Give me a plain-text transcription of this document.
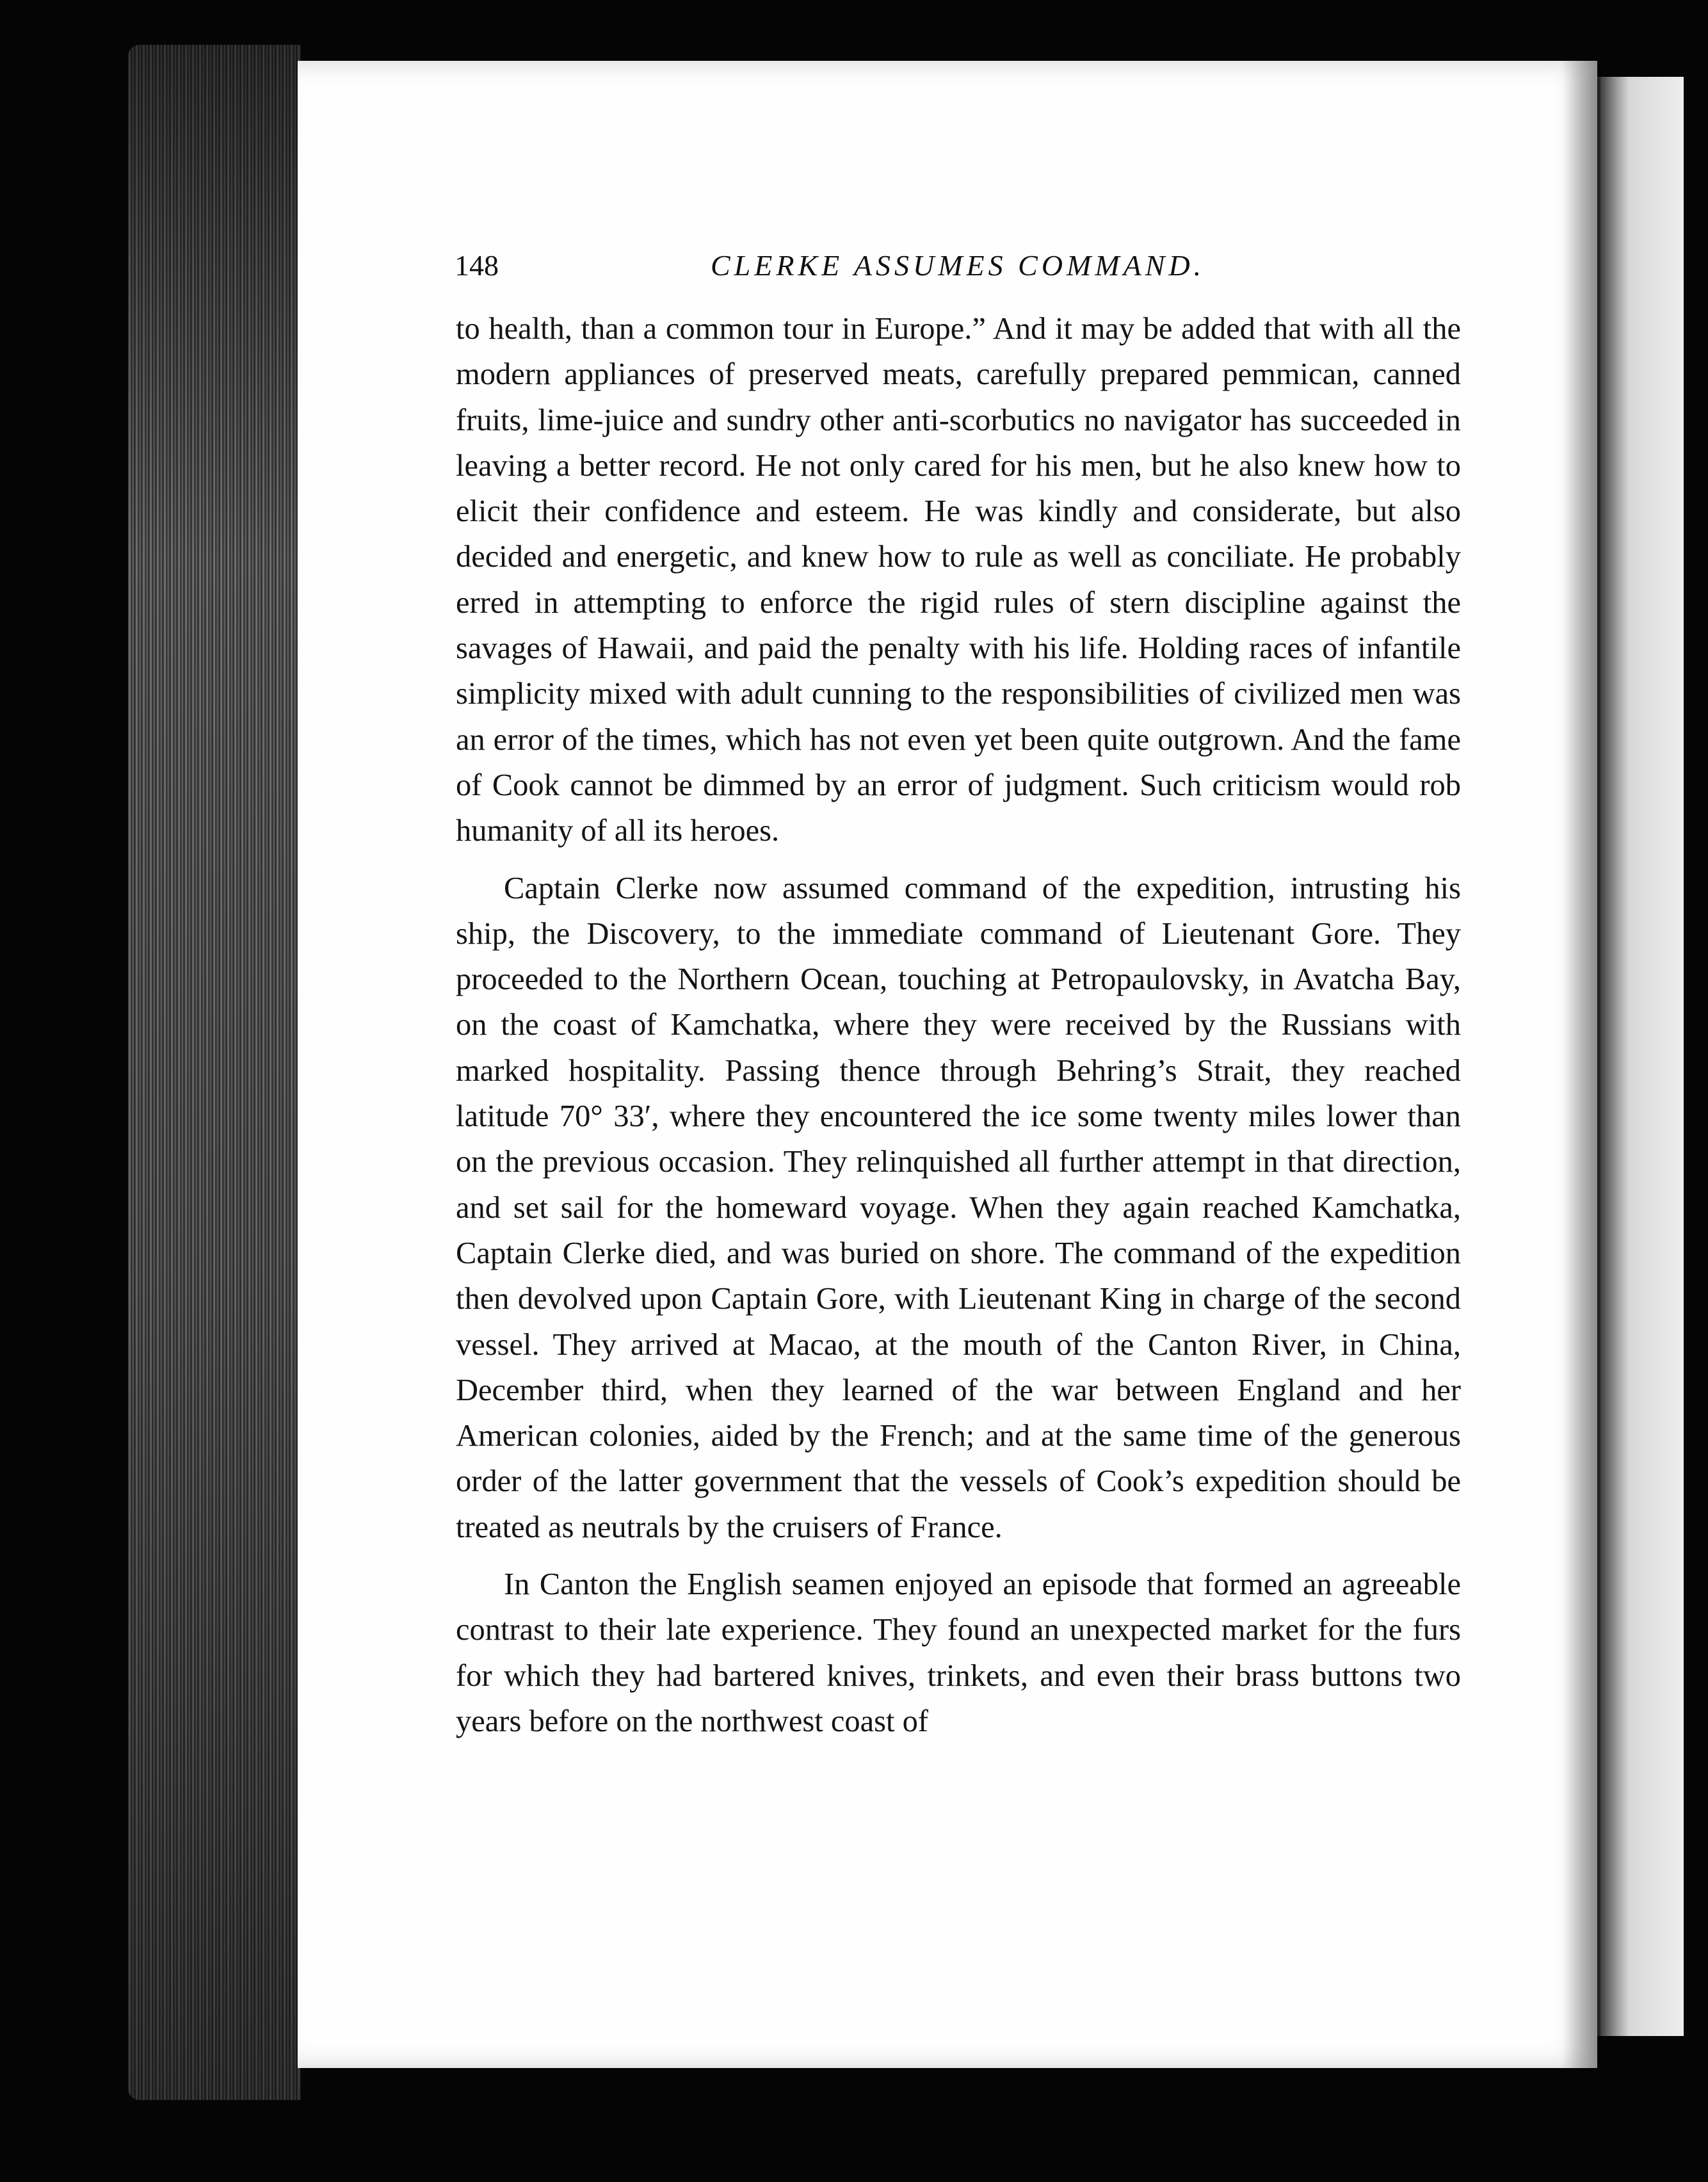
148	CLERKE ASSUMES COMMAND.

to health, than a common tour in Europe.” And it may be added that with all the modern appliances of preserved meats, carefully prepared pemmican, canned fruits, lime-juice and sundry other anti-scorbutics no navigator has succeeded in leaving a better record. He not only cared for his men, but he also knew how to elicit their confidence and esteem. He was kindly and considerate, but also decided and energetic, and knew how to rule as well as conciliate. He probably erred in attempting to enforce the rigid rules of stern discipline against the savages of Hawaii, and paid the penalty with his life. Holding races of infantile simplicity mixed with adult cunning to the responsibilities of civilized men was an error of the times, which has not even yet been quite outgrown. And the fame of Cook cannot be dimmed by an error of judgment. Such criticism would rob humanity of all its heroes.

Captain Clerke now assumed command of the expedition, intrusting his ship, the Discovery, to the immediate command of Lieutenant Gore. They proceeded to the Northern Ocean, touching at Petropaulovsky, in Avatcha Bay, on the coast of Kamchatka, where they were received by the Russians with marked hospitality. Passing thence through Behring’s Strait, they reached latitude 70° 33′, where they encountered the ice some twenty miles lower than on the previous occasion. They relinquished all further attempt in that direction, and set sail for the homeward voyage. When they again reached Kamchatka, Captain Clerke died, and was buried on shore. The command of the expedition then devolved upon Captain Gore, with Lieutenant King in charge of the second vessel. They arrived at Macao, at the mouth of the Canton River, in China, December third, when they learned of the war between England and her American colonies, aided by the French; and at the same time of the generous order of the latter government that the vessels of Cook’s expedition should be treated as neutrals by the cruisers of France.

In Canton the English seamen enjoyed an episode that formed an agreeable contrast to their late experience. They found an unexpected market for the furs for which they had bartered knives, trinkets, and even their brass buttons two years before on the northwest coast of
